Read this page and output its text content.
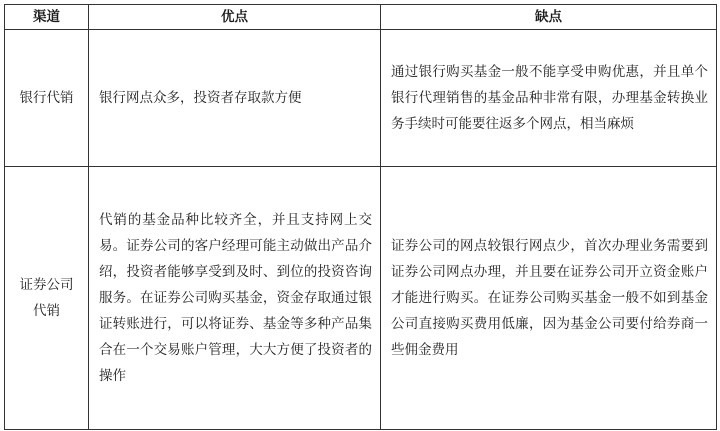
渠道	优点	缺点
银行代销	银行网点众多，投资者存取款方便	通过银行购买基金一般不能享受申购优惠，并且单个银行代理销售的基金品种非常有限，办理基金转换业务手续时可能要往返多个网点，相当麻烦
证券公司代销	代销的基金品种比较齐全，并且支持网上交易。证券公司的客户经理可能主动做出产品介绍，投资者能够享受到及时、到位的投资咨询服务。在证券公司购买基金，资金存取通过银证转账进行，可以将证券、基金等多种产品集合在一个交易账户管理，大大方便了投资者的操作	证券公司的网点较银行网点少，首次办理业务需要到证券公司网点办理，并且要在证券公司开立资金账户才能进行购买。在证券公司购买基金一般不如到基金公司直接购买费用低廉，因为基金公司要付给券商一些佣金费用
